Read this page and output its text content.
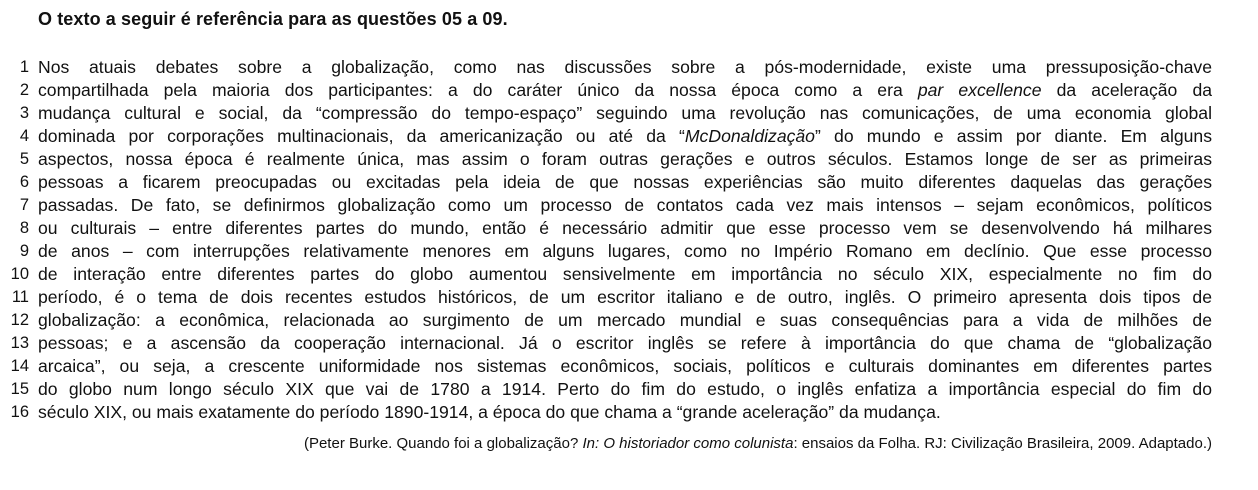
O texto a seguir é referência para as questões 05 a 09.
1 Nos atuais debates sobre a globalização, como nas discussões sobre a pós-modernidade, existe uma pressuposição-chave
2 compartilhada pela maioria dos participantes: a do caráter único da nossa época como a era par excellence da aceleração da
3 mudança cultural e social, da “compressão do tempo-espaço” seguindo uma revolução nas comunicações, de uma economia global
4 dominada por corporações multinacionais, da americanização ou até da “McDonaldização” do mundo e assim por diante. Em alguns
5 aspectos, nossa época é realmente única, mas assim o foram outras gerações e outros séculos. Estamos longe de ser as primeiras
6 pessoas a ficarem preocupadas ou excitadas pela ideia de que nossas experiências são muito diferentes daquelas das gerações
7 passadas. De fato, se definirmos globalização como um processo de contatos cada vez mais intensos – sejam econômicos, políticos
8 ou culturais – entre diferentes partes do mundo, então é necessário admitir que esse processo vem se desenvolvendo há milhares
9 de anos – com interrupções relativamente menores em alguns lugares, como no Império Romano em declínio. Que esse processo
10 de interação entre diferentes partes do globo aumentou sensivelmente em importância no século XIX, especialmente no fim do
11 período, é o tema de dois recentes estudos históricos, de um escritor italiano e de outro, inglês. O primeiro apresenta dois tipos de
12 globalização: a econômica, relacionada ao surgimento de um mercado mundial e suas consequências para a vida de milhões de
13 pessoas; e a ascensão da cooperação internacional. Já o escritor inglês se refere à importância do que chama de “globalização
14 arcaica”, ou seja, a crescente uniformidade nos sistemas econômicos, sociais, políticos e culturais dominantes em diferentes partes
15 do globo num longo século XIX que vai de 1780 a 1914. Perto do fim do estudo, o inglês enfatiza a importância especial do fim do
16 século XIX, ou mais exatamente do período 1890-1914, a época do que chama a “grande aceleração” da mudança.
(Peter Burke. Quando foi a globalização? In: O historiador como colunista: ensaios da Folha. RJ: Civilização Brasileira, 2009. Adaptado.)
